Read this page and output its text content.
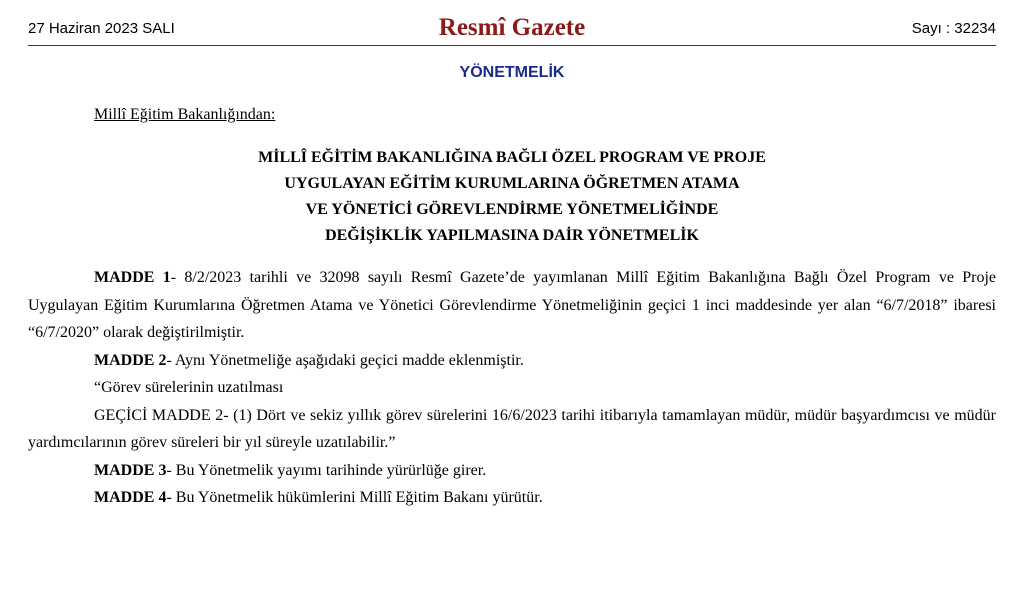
27 Haziran 2023 SALI	Resmî Gazete	Sayı : 32234
YÖNETMELİK
Millî Eğitim Bakanlığından:
MİLLÎ EĞİTİM BAKANLIĞINA BAĞLI ÖZEL PROGRAM VE PROJE
UYGULAYAN EĞİTİM KURUMLARINA ÖĞRETMEN ATAMA
VE YÖNETİCİ GÖREVLENDİRME YÖNETMELİĞİNDE
DEĞİŞİKLİK YAPILMASINA DAİR YÖNETMELİK

MADDE 1- 8/2/2023 tarihli ve 32098 sayılı Resmî Gazete’de yayımlanan Millî Eğitim Bakanlığına Bağlı Özel Program ve Proje Uygulayan Eğitim Kurumlarına Öğretmen Atama ve Yönetici Görevlendirme Yönetmeliğinin geçici 1 inci maddesinde yer alan “6/7/2018” ibaresi “6/7/2020” olarak değiştirilmiştir.

MADDE 2- Aynı Yönetmeliğe aşağıdaki geçici madde eklenmiştir.

“Görev sürelerinin uzatılması

GEÇİCİ MADDE 2- (1) Dört ve sekiz yıllık görev sürelerini 16/6/2023 tarihi itibarıyla tamamlayan müdür, müdür başyardımcısı ve müdür yardımcılarının görev süreleri bir yıl süreyle uzatılabilir.”

MADDE 3- Bu Yönetmelik yayımı tarihinde yürürlüğe girer.

MADDE 4- Bu Yönetmelik hükümlerini Millî Eğitim Bakanı yürütür.
